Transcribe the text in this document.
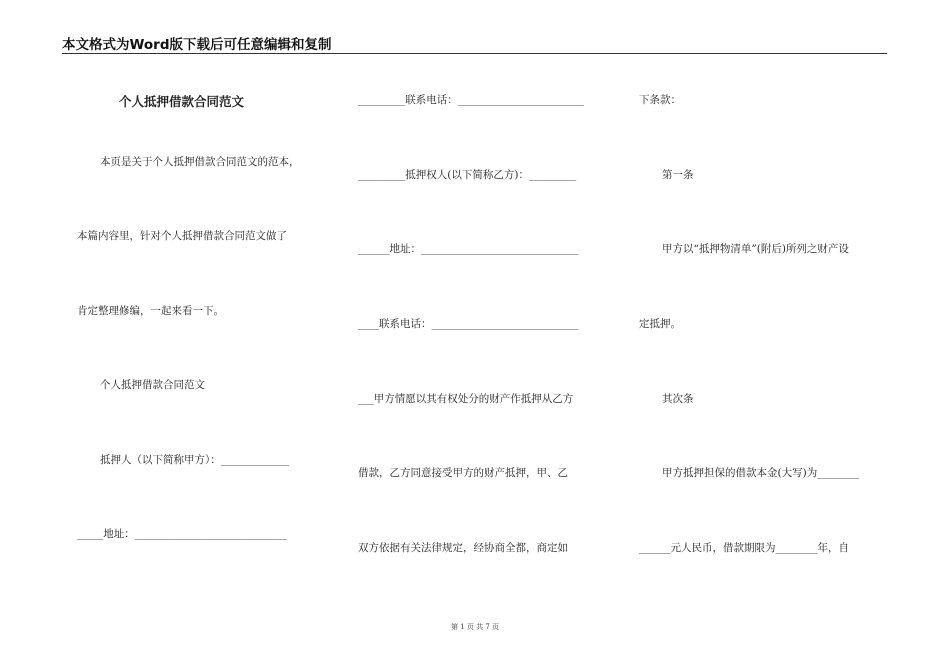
本文格式为Word版下载后可任意编辑和复制
个人抵押借款合同范文
本页是关于个人抵押借款合同范文的范本，
本篇内容里，针对个人抵押借款合同范文做了
肯定整理修编，一起来看一下。
个人抵押借款合同范文
抵押人（以下简称甲方）：_____________
_____地址：_____________________________
_________联系电话：________________________
_________抵押权人(以下简称乙方)：_________
______地址：______________________________
____联系电话：____________________________
___甲方情愿以其有权处分的财产作抵押从乙方
借款，乙方同意接受甲方的财产抵押，甲、乙
双方依据有关法律规定，经协商全都，商定如
下条款：
第一条
甲方以“抵押物清单”(附后)所列之财产设
定抵押。
其次条
甲方抵押担保的借款本金(大写)为________
______元人民币，借款期限为________年，自
第 1 页 共 7 页
